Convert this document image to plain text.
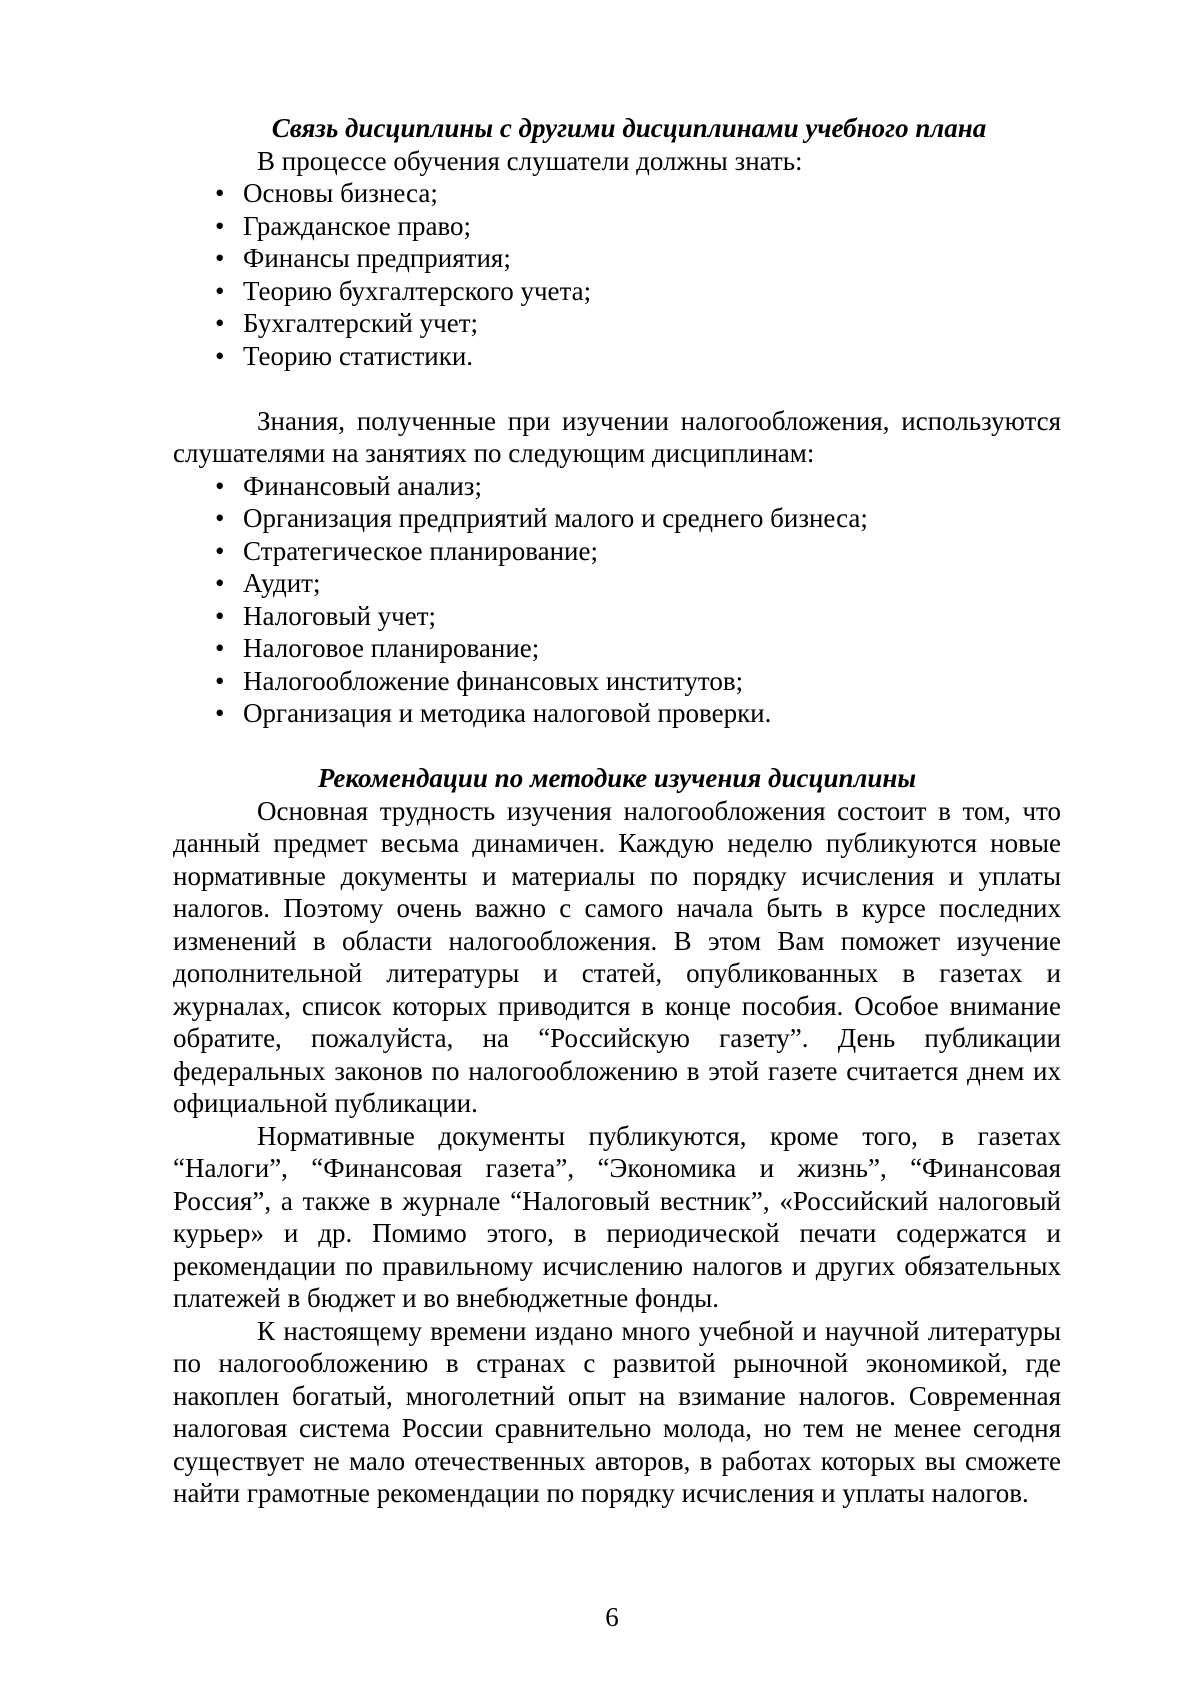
Связь дисциплины с другими дисциплинами учебного плана

В процессе обучения слушатели должны знать:

• Основы бизнеса;
• Гражданское право;
• Финансы предприятия;
• Теорию бухгалтерского учета;
• Бухгалтерский учет;
• Теорию статистики.

Знания, полученные при изучении налогообложения, используются слушателями на занятиях по следующим дисциплинам:

• Финансовый анализ;
• Организация предприятий малого и среднего бизнеса;
• Стратегическое планирование;
• Аудит;
• Налоговый учет;
• Налоговое планирование;
• Налогообложение финансовых институтов;
• Организация и методика налоговой проверки.

Рекомендации по методике изучения дисциплины

Основная трудность изучения налогообложения состоит в том, что данный предмет весьма динамичен. Каждую неделю публикуются новые нормативные документы и материалы по порядку исчисления и уплаты налогов. Поэтому очень важно с самого начала быть в курсе последних изменений в области налогообложения. В этом Вам поможет изучение дополнительной литературы и статей, опубликованных в газетах и журналах, список которых приводится в конце пособия. Особое внимание обратите, пожалуйста, на “Российскую газету”. День публикации федеральных законов по налогообложению в этой газете считается днем их официальной публикации.

Нормативные документы публикуются, кроме того, в газетах “Налоги”, “Финансовая газета”, “Экономика и жизнь”, “Финансовая Россия”, а также в журнале “Налоговый вестник”, «Российский налоговый курьер» и др. Помимо этого, в периодической печати содержатся и рекомендации по правильному исчислению налогов и других обязательных платежей в бюджет и во внебюджетные фонды.

К настоящему времени издано много учебной и научной литературы по налогообложению в странах с развитой рыночной экономикой, где накоплен богатый, многолетний опыт на взимание налогов. Современная налоговая система России сравнительно молода, но тем не менее сегодня существует не мало отечественных авторов, в работах которых вы сможете найти грамотные рекомендации по порядку исчисления и уплаты налогов.

6
